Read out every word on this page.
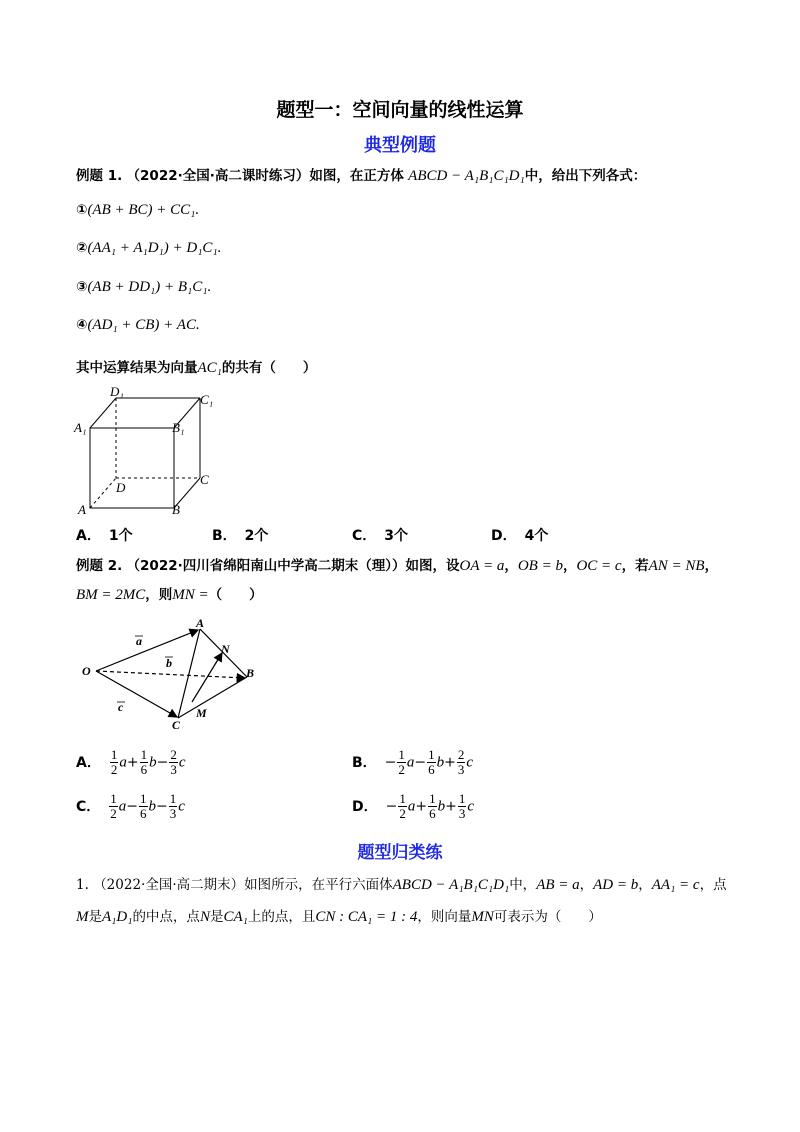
题型一：空间向量的线性运算
典型例题
例题 1. （2022·全国·高二课时练习）如图，在正方体 ABCD − A₁B₁C₁D₁中，给出下列各式：
①(AB + BC) + CC₁.
②(AA₁ + A₁D₁) + D₁C₁.
③(AB + DD₁) + B₁C₁.
④(AD₁ + CB) + AC.
其中运算结果为向量AC₁的共有（　　）
D₁
C₁
A₁	B₁
D
C
A	B
A． 1个	B． 2个	C． 3个	D． 4个
例题 2. （2022·四川省绵阳南山中学高二期末（理））如图，设OA = a，OB = b，OC = c，若AN = NB，
BM = 2MC，则MN =（　　）
A
B
C
O
N
M
a
b
c
A． $\frac{1}{2} a+ \frac{1}{6} b- \frac{2}{3}$ c	B． − $\frac{1}{2} a- \frac{1}{6} b+ \frac{2}{3}$ c
C． $\frac{1}{2} a- \frac{1}{6} b- \frac{1}{3}$ c	D． − $\frac{1}{2} a+ \frac{1}{6} b+ \frac{1}{3}$ c
题型归类练
1. （2022·全国·高二期末）如图所示，在平行六面体ABCD − A₁B₁C₁D₁中，AB = a，AD = b，AA₁ = c，点
M是A₁D₁的中点，点N是CA₁上的点，且CN : CA₁ = 1 : 4，则向量MN可表示为（　　）
